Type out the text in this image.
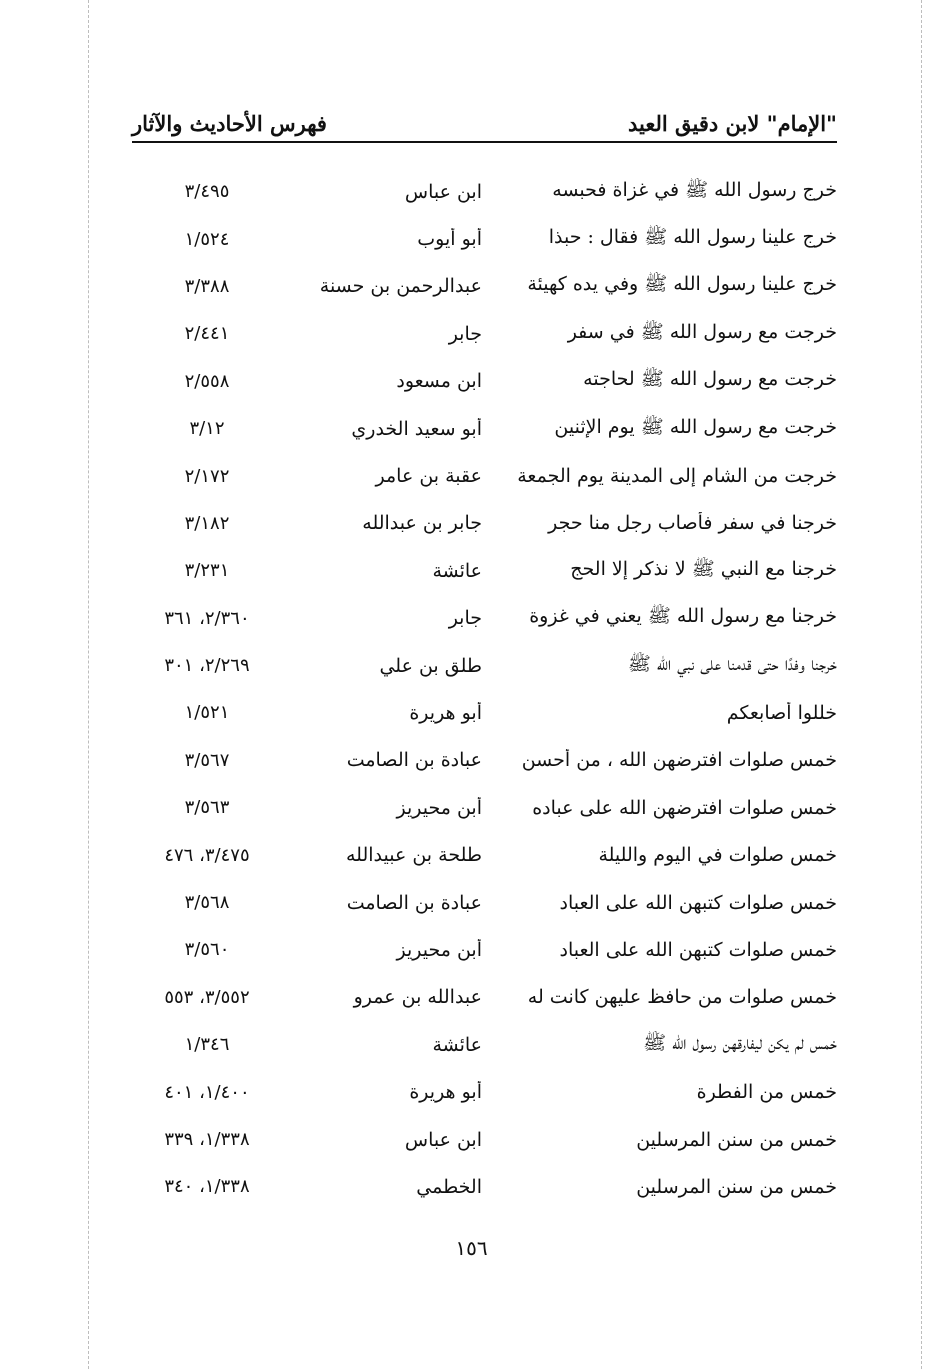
"الإمام" لابن دقيق العيد
فهرس الأحاديث والآثار
خرج رسول الله ﷺ في غزاة فحبسه
ابن عباس
٣/٤٩٥
خرج علينا رسول الله ﷺ فقال : حبذا
أبو أيوب
١/٥٢٤
خرج علينا رسول الله ﷺ وفي يده كهيئة
عبدالرحمن بن حسنة
٣/٣٨٨
خرجت مع رسول الله ﷺ في سفر
جابر
٢/٤٤١
خرجت مع رسول الله ﷺ لحاجته
ابن مسعود
٢/٥٥٨
خرجت مع رسول الله ﷺ يوم الإثنين
أبو سعيد الخدري
٣/١٢
خرجت من الشام إلى المدينة يوم الجمعة
عقبة بن عامر
٢/١٧٢
خرجنا في سفر فأصاب رجل منا حجر
جابر بن عبدالله
٣/١٨٢
خرجنا مع النبي ﷺ لا نذكر إلا الحج
عائشة
٣/٢٣١
خرجنا مع رسول الله ﷺ يعني في غزوة
جابر
٢/٣٦٠، ٣٦١
خرجنا وفدًا حتى قدمنا على نبي الله ﷺ
طلق بن علي
٢/٢٦٩، ٣٠١
خللوا أصابعكم
أبو هريرة
١/٥٢١
خمس صلوات افترضهن الله ، من أحسن
عبادة بن الصامت
٣/٥٦٧
خمس صلوات افترضهن الله على عباده
أبن محيريز
٣/٥٦٣
خمس صلوات في اليوم والليلة
طلحة بن عبيدالله
٣/٤٧٥، ٤٧٦
خمس صلوات كتبهن الله على العباد
عبادة بن الصامت
٣/٥٦٨
خمس صلوات كتبهن الله على العباد
أبن محيريز
٣/٥٦٠
خمس صلوات من حافظ عليهن كانت له
عبدالله بن عمرو
٣/٥٥٢، ٥٥٣
خمس لم يكن ليفارقهن رسول الله ﷺ
عائشة
١/٣٤٦
خمس من الفطرة
أبو هريرة
١/٤٠٠، ٤٠١
خمس من سنن المرسلين
ابن عباس
١/٣٣٨، ٣٣٩
خمس من سنن المرسلين
الخطمي
١/٣٣٨، ٣٤٠
١٥٦
